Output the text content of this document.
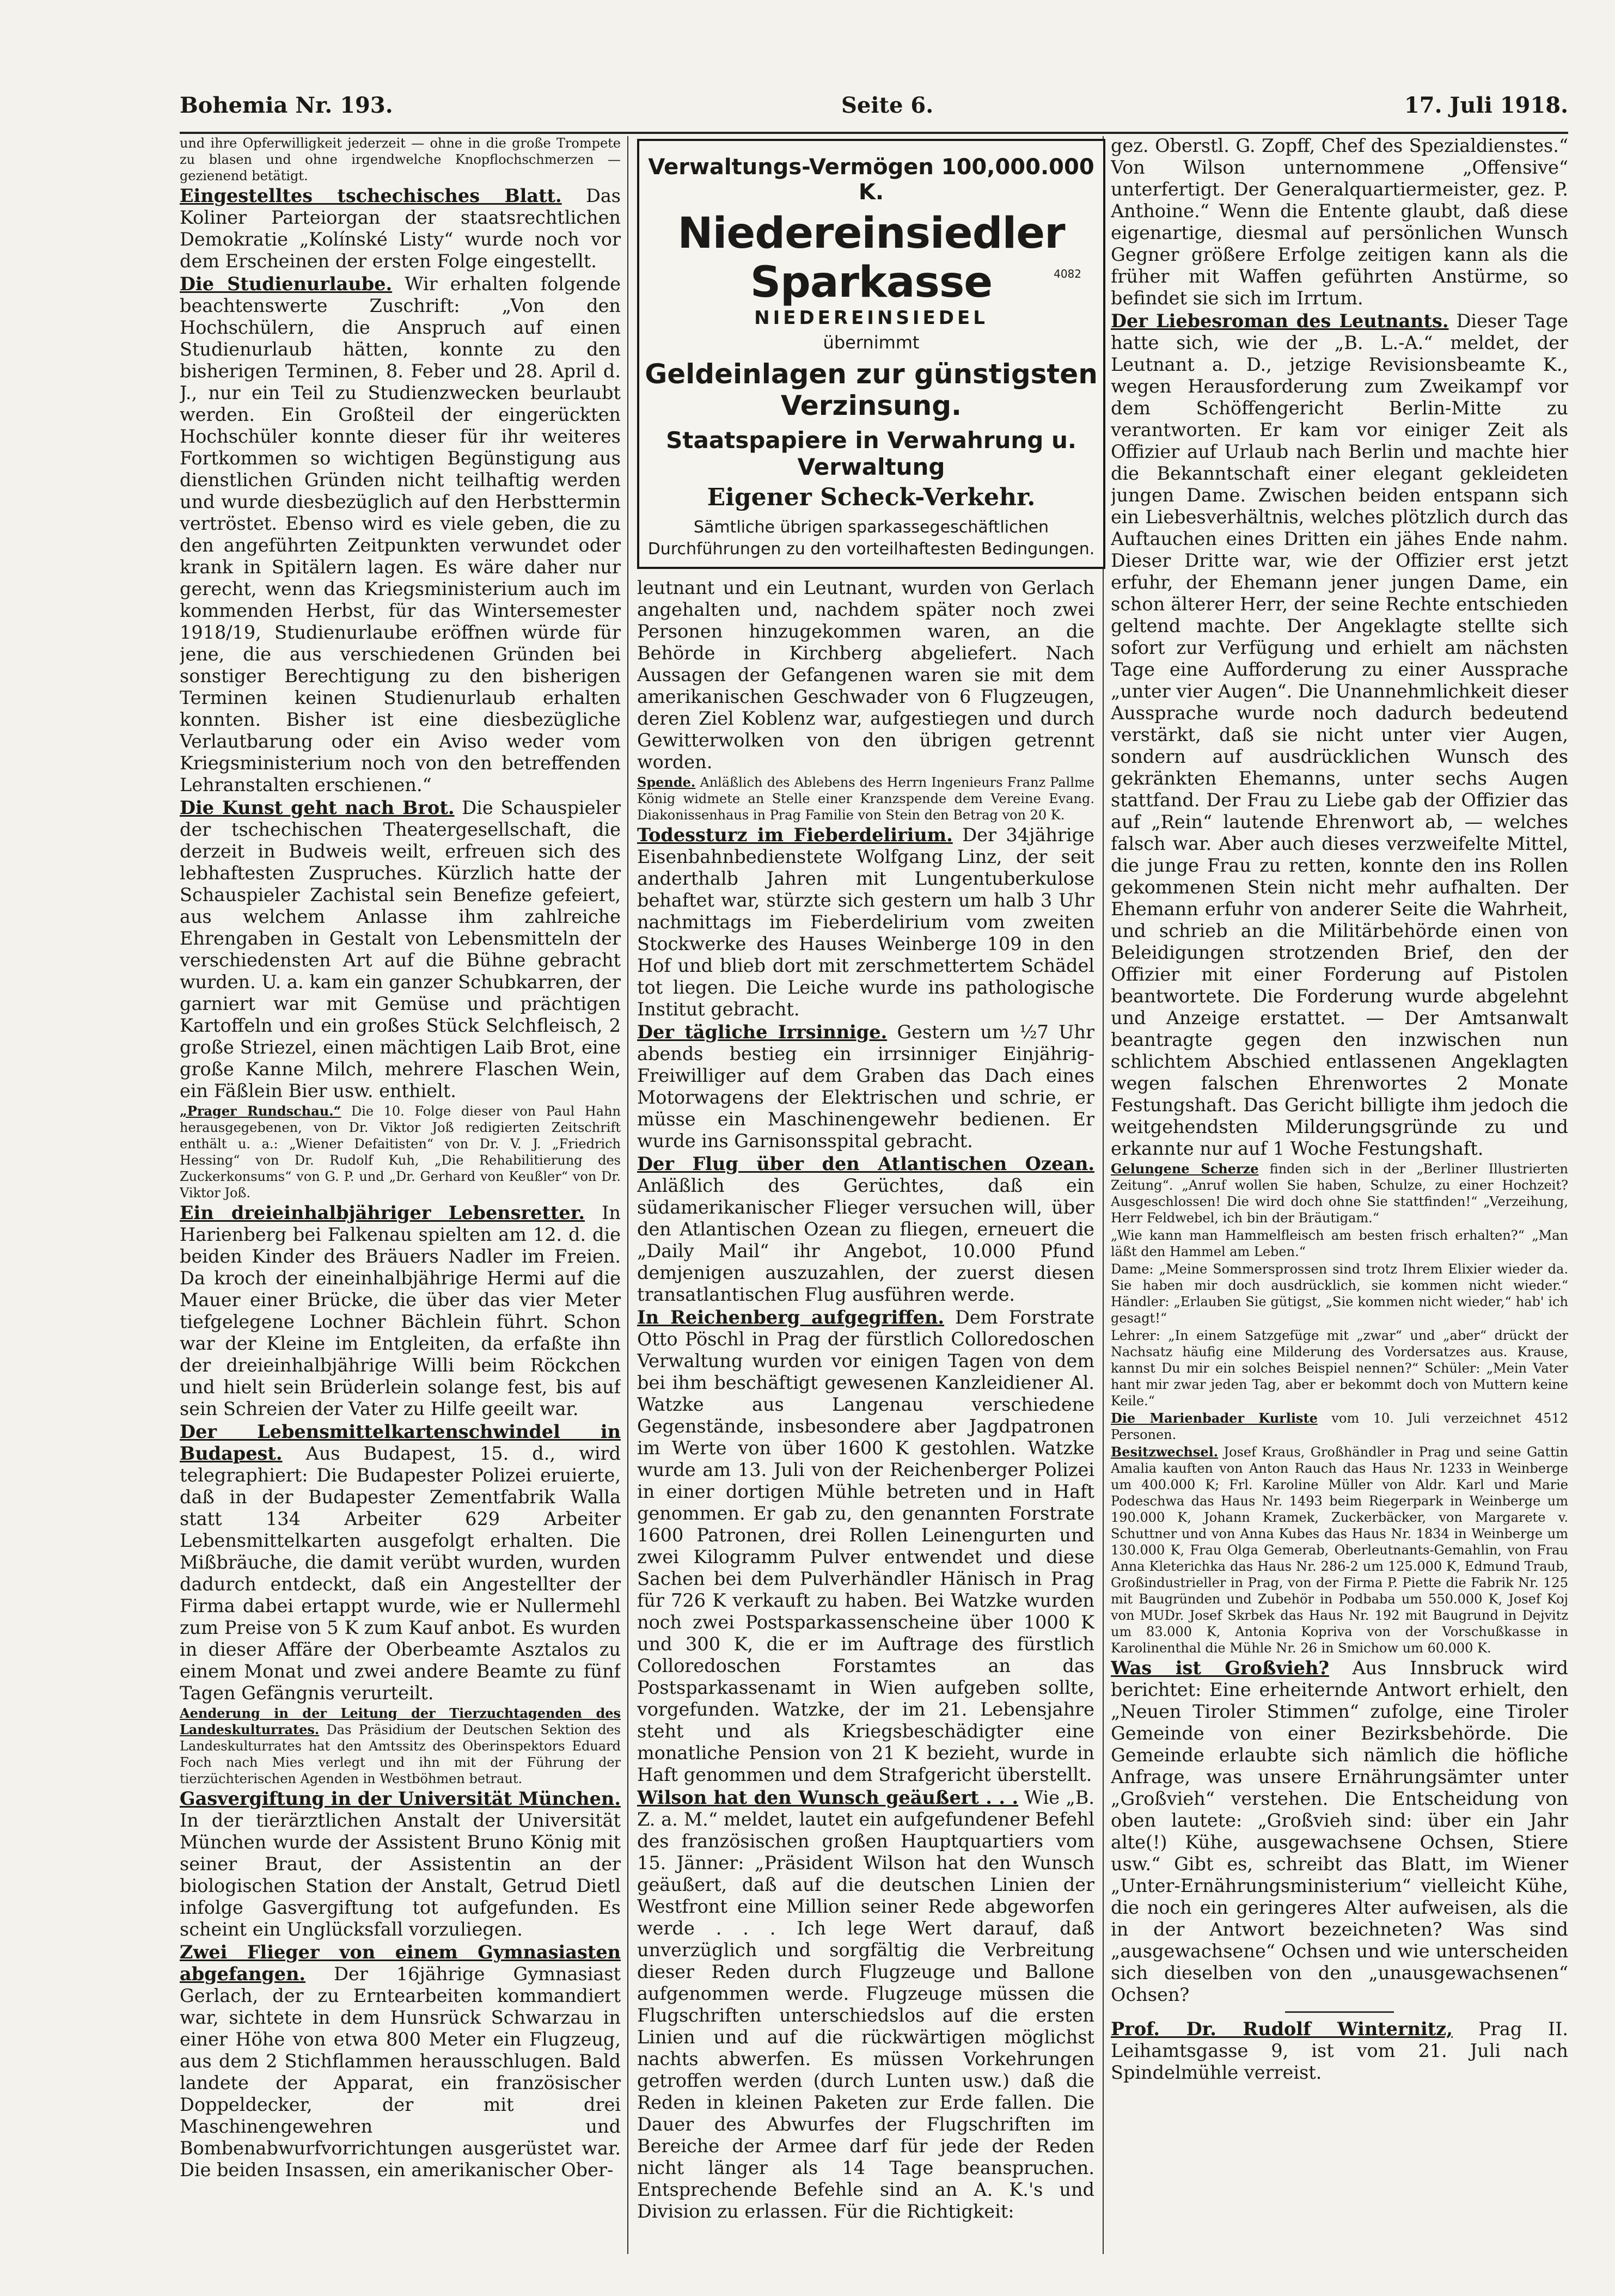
Bohemia Nr. 193.	Seite 6.	17. Juli 1918.
Verwaltungs-Vermögen 100,000.000 K.
Niedereinsiedler Sparkasse
NIEDEREINSIEDEL
4082
übernimmt
Geldeinlagen zur günstigsten Verzinsung.
Staatspapiere in Verwahrung u. Verwaltung
Eigener Scheck-Verkehr.
Sämtliche übrigen sparkassegeschäftlichen Durchführungen zu den vorteilhaftesten Bedingungen.

und ihre Opferwilligkeit jederzeit — ohne in die große Trompete zu blasen und ohne irgendwelche Knopflochschmerzen — gezienend betätigt.

Eingestelltes tschechisches Blatt. Das Koliner Parteiorgan der staatsrechtlichen Demokratie „Kolínské Listy“ wurde noch vor dem Erscheinen der ersten Folge eingestellt.

Die Studienurlaube. Wir erhalten folgende beachtenswerte Zuschrift: „Von den Hochschülern, die Anspruch auf einen Studienurlaub hätten, konnte zu den bisherigen Terminen, 8. Feber und 28. April d. J., nur ein Teil zu Studienzwecken beurlaubt werden. Ein Großteil der eingerückten Hochschüler konnte dieser für ihr weiteres Fortkommen so wichtigen Begünstigung aus dienstlichen Gründen nicht teilhaftig werden und wurde diesbezüglich auf den Herbsttermin vertröstet. Ebenso wird es viele geben, die zu den angeführten Zeitpunkten verwundet oder krank in Spitälern lagen. Es wäre daher nur gerecht, wenn das Kriegsministerium auch im kommenden Herbst, für das Wintersemester 1918/19, Studienurlaube eröffnen würde für jene, die aus verschiedenen Gründen bei sonstiger Berechtigung zu den bisherigen Terminen keinen Studienurlaub erhalten konnten. Bisher ist eine diesbezügliche Verlautbarung oder ein Aviso weder vom Kriegsministerium noch von den betreffenden Lehranstalten erschienen.“

Die Kunst geht nach Brot. Die Schauspieler der tschechischen Theatergesellschaft, die derzeit in Budweis weilt, erfreuen sich des lebhaftesten Zuspruches. Kürzlich hatte der Schauspieler Zachistal sein Benefize gefeiert, aus welchem Anlasse ihm zahlreiche Ehrengaben in Gestalt von Lebensmitteln der verschiedensten Art auf die Bühne gebracht wurden. U. a. kam ein ganzer Schubkarren, der garniert war mit Gemüse und prächtigen Kartoffeln und ein großes Stück Selchfleisch, 2 große Striezel, einen mächtigen Laib Brot, eine große Kanne Milch, mehrere Flaschen Wein, ein Fäßlein Bier usw. enthielt.

„Prager Rundschau.“ Die 10. Folge dieser von Paul Hahn herausgegebenen, von Dr. Viktor Joß redigierten Zeitschrift enthält u. a.: „Wiener Defaitisten“ von Dr. V. J. „Friedrich Hessing“ von Dr. Rudolf Kuh, „Die Rehabilitierung des Zuckerkonsums“ von G. P. und „Dr. Gerhard von Keußler“ von Dr. Viktor Joß.

Ein dreieinhalbjähriger Lebensretter. In Harienberg bei Falkenau spielten am 12. d. die beiden Kinder des Bräuers Nadler im Freien. Da kroch der eineinhalbjährige Hermi auf die Mauer einer Brücke, die über das vier Meter tiefgelegene Lochner Bächlein führt. Schon war der Kleine im Entgleiten, da erfaßte ihn der dreieinhalbjährige Willi beim Röckchen und hielt sein Brüderlein solange fest, bis auf sein Schreien der Vater zu Hilfe geeilt war.

Der Lebensmittelkartenschwindel in Budapest. Aus Budapest, 15. d., wird telegraphiert: Die Budapester Polizei eruierte, daß in der Budapester Zementfabrik Walla statt 134 Arbeiter 629 Arbeiter Lebensmittelkarten ausgefolgt erhalten. Die Mißbräuche, die damit verübt wurden, wurden dadurch entdeckt, daß ein Angestellter der Firma dabei ertappt wurde, wie er Nullermehl zum Preise von 5 K zum Kauf anbot. Es wurden in dieser Affäre der Oberbeamte Asztalos zu einem Monat und zwei andere Beamte zu fünf Tagen Gefängnis verurteilt.

Aenderung in der Leitung der Tierzuchtagenden des Landeskulturrates. Das Präsidium der Deutschen Sektion des Landeskulturrates hat den Amtssitz des Oberinspektors Eduard Foch nach Mies verlegt und ihn mit der Führung der tierzüchterischen Agenden in Westböhmen betraut.

Gasvergiftung in der Universität München. In der tierärztlichen Anstalt der Universität München wurde der Assistent Bruno König mit seiner Braut, der Assistentin an der biologischen Station der Anstalt, Getrud Dietl infolge Gasvergiftung tot aufgefunden. Es scheint ein Unglücksfall vorzuliegen.

Zwei Flieger von einem Gymnasiasten abgefangen. Der 16jährige Gymnasiast Gerlach, der zu Erntearbeiten kommandiert war, sichtete in dem Hunsrück Schwarzau in einer Höhe von etwa 800 Meter ein Flugzeug, aus dem 2 Stichflammen herausschlugen. Bald landete der Apparat, ein französischer Doppeldecker, der mit drei Maschinengewehren und Bombenabwurfvorrichtungen ausgerüstet war. Die beiden Insassen, ein amerikanischer Ober-

leutnant und ein Leutnant, wurden von Gerlach angehalten und, nachdem später noch zwei Personen hinzugekommen waren, an die Behörde in Kirchberg abgeliefert. Nach Aussagen der Gefangenen waren sie mit dem amerikanischen Geschwader von 6 Flugzeugen, deren Ziel Koblenz war, aufgestiegen und durch Gewitterwolken von den übrigen getrennt worden.

Spende. Anläßlich des Ablebens des Herrn Ingenieurs Franz Pallme König widmete an Stelle einer Kranzspende dem Vereine Evang. Diakonissenhaus in Prag Familie von Stein den Betrag von 20 K.

Todessturz im Fieberdelirium. Der 34jährige Eisenbahnbedienstete Wolfgang Linz, der seit anderthalb Jahren mit Lungentuberkulose behaftet war, stürzte sich gestern um halb 3 Uhr nachmittags im Fieberdelirium vom zweiten Stockwerke des Hauses Weinberge 109 in den Hof und blieb dort mit zerschmettertem Schädel tot liegen. Die Leiche wurde ins pathologische Institut gebracht.

Der tägliche Irrsinnige. Gestern um ½7 Uhr abends bestieg ein irrsinniger Einjährig-Freiwilliger auf dem Graben das Dach eines Motorwagens der Elektrischen und schrie, er müsse ein Maschinengewehr bedienen. Er wurde ins Garnisonsspital gebracht.

Der Flug über den Atlantischen Ozean. Anläßlich des Gerüchtes, daß ein südamerikanischer Flieger versuchen will, über den Atlantischen Ozean zu fliegen, erneuert die „Daily Mail“ ihr Angebot, 10.000 Pfund demjenigen auszuzahlen, der zuerst diesen transatlantischen Flug ausführen werde.

In Reichenberg aufgegriffen. Dem Forstrate Otto Pöschl in Prag der fürstlich Colloredoschen Verwaltung wurden vor einigen Tagen von dem bei ihm beschäftigt gewesenen Kanzleidiener Al. Watzke aus Langenau verschiedene Gegenstände, insbesondere aber Jagdpatronen im Werte von über 1600 K gestohlen. Watzke wurde am 13. Juli von der Reichenberger Polizei in einer dortigen Mühle betreten und in Haft genommen. Er gab zu, den genannten Forstrate 1600 Patronen, drei Rollen Leinengurten und zwei Kilogramm Pulver entwendet und diese Sachen bei dem Pulverhändler Hänisch in Prag für 726 K verkauft zu haben. Bei Watzke wurden noch zwei Postsparkassenscheine über 1000 K und 300 K, die er im Auftrage des fürstlich Colloredoschen Forstamtes an das Postsparkassenamt in Wien aufgeben sollte, vorgefunden. Watzke, der im 21. Lebensjahre steht und als Kriegsbeschädigter eine monatliche Pension von 21 K bezieht, wurde in Haft genommen und dem Strafgericht überstellt.

Wilson hat den Wunsch geäußert . . . Wie „B. Z. a. M.“ meldet, lautet ein aufgefundener Befehl des französischen großen Hauptquartiers vom 15. Jänner: „Präsident Wilson hat den Wunsch geäußert, daß auf die deutschen Linien der Westfront eine Million seiner Rede abgeworfen werde . . . Ich lege Wert darauf, daß unverzüglich und sorgfältig die Verbreitung dieser Reden durch Flugzeuge und Ballone aufgenommen werde. Flugzeuge müssen die Flugschriften unterschiedslos auf die ersten Linien und auf die rückwärtigen möglichst nachts abwerfen. Es müssen Vorkehrungen getroffen werden (durch Lunten usw.) daß die Reden in kleinen Paketen zur Erde fallen. Die Dauer des Abwurfes der Flugschriften im Bereiche der Armee darf für jede der Reden nicht länger als 14 Tage beanspruchen. Entsprechende Befehle sind an A. K.'s und Division zu erlassen. Für die Richtigkeit:

gez. Oberstl. G. Zopff, Chef des Spezialdienstes.“ Von Wilson unternommene „Offensive“ unterfertigt. Der Generalquartiermeister, gez. P. Anthoine.“ Wenn die Entente glaubt, daß diese eigenartige, diesmal auf persönlichen Wunsch Gegner größere Erfolge zeitigen kann als die früher mit Waffen geführten Anstürme, so befindet sie sich im Irrtum.

Der Liebesroman des Leutnants. Dieser Tage hatte sich, wie der „B. L.-A.“ meldet, der Leutnant a. D., jetzige Revisionsbeamte K., wegen Herausforderung zum Zweikampf vor dem Schöffengericht Berlin-Mitte zu verantworten. Er kam vor einiger Zeit als Offizier auf Urlaub nach Berlin und machte hier die Bekanntschaft einer elegant gekleideten jungen Dame. Zwischen beiden entspann sich ein Liebesverhältnis, welches plötzlich durch das Auftauchen eines Dritten ein jähes Ende nahm. Dieser Dritte war, wie der Offizier erst jetzt erfuhr, der Ehemann jener jungen Dame, ein schon älterer Herr, der seine Rechte entschieden geltend machte. Der Angeklagte stellte sich sofort zur Verfügung und erhielt am nächsten Tage eine Aufforderung zu einer Aussprache „unter vier Augen“. Die Unannehmlichkeit dieser Aussprache wurde noch dadurch bedeutend verstärkt, daß sie nicht unter vier Augen, sondern auf ausdrücklichen Wunsch des gekränkten Ehemanns, unter sechs Augen stattfand. Der Frau zu Liebe gab der Offizier das auf „Rein“ lautende Ehrenwort ab, — welches falsch war. Aber auch dieses verzweifelte Mittel, die junge Frau zu retten, konnte den ins Rollen gekommenen Stein nicht mehr aufhalten. Der Ehemann erfuhr von anderer Seite die Wahrheit, und schrieb an die Militärbehörde einen von Beleidigungen strotzenden Brief, den der Offizier mit einer Forderung auf Pistolen beantwortete. Die Forderung wurde abgelehnt und Anzeige erstattet. — Der Amtsanwalt beantragte gegen den inzwischen nun schlichtem Abschied entlassenen Angeklagten wegen falschen Ehrenwortes 2 Monate Festungshaft. Das Gericht billigte ihm jedoch die weitgehendsten Milderungsgründe zu und erkannte nur auf 1 Woche Festungshaft.

Gelungene Scherze finden sich in der „Berliner Illustrierten Zeitung“. „Anruf wollen Sie haben, Schulze, zu einer Hochzeit? Ausgeschlossen! Die wird doch ohne Sie stattfinden!“ „Verzeihung, Herr Feldwebel, ich bin der Bräutigam.“

„Wie kann man Hammelfleisch am besten frisch erhalten?“ „Man läßt den Hammel am Leben.“

Dame: „Meine Sommersprossen sind trotz Ihrem Elixier wieder da. Sie haben mir doch ausdrücklich, sie kommen nicht wieder.“ Händler: „Erlauben Sie gütigst, „Sie kommen nicht wieder,“ hab' ich gesagt!“

Lehrer: „In einem Satzgefüge mit „zwar“ und „aber“ drückt der Nachsatz häufig eine Milderung des Vordersatzes aus. Krause, kannst Du mir ein solches Beispiel nennen?“ Schüler: „Mein Vater hant mir zwar jeden Tag, aber er bekommt doch von Muttern keine Keile.“

Die Marienbader Kurliste vom 10. Juli verzeichnet 4512 Personen.

Besitzwechsel. Josef Kraus, Großhändler in Prag und seine Gattin Amalia kauften von Anton Rauch das Haus Nr. 1233 in Weinberge um 400.000 K; Frl. Karoline Müller von Aldr. Karl und Marie Podeschwa das Haus Nr. 1493 beim Riegerpark in Weinberge um 190.000 K, Johann Kramek, Zuckerbäcker, von Margarete v. Schuttner und von Anna Kubes das Haus Nr. 1834 in Weinberge um 130.000 K, Frau Olga Gemerab, Oberleutnants-Gemahlin, von Frau Anna Kleterichka das Haus Nr. 286-2 um 125.000 K, Edmund Traub, Großindustrieller in Prag, von der Firma P. Piette die Fabrik Nr. 125 mit Baugründen und Zubehör in Podbaba um 550.000 K, Josef Koj von MUDr. Josef Skrbek das Haus Nr. 192 mit Baugrund in Dejvitz um 83.000 K, Antonia Kopriva von der Vorschußkasse in Karolinenthal die Mühle Nr. 26 in Smichow um 60.000 K.

Was ist Großvieh? Aus Innsbruck wird berichtet: Eine erheiternde Antwort erhielt, den „Neuen Tiroler Stimmen“ zufolge, eine Tiroler Gemeinde von einer Bezirksbehörde. Die Gemeinde erlaubte sich nämlich die höfliche Anfrage, was unsere Ernährungsämter unter „Großvieh“ verstehen. Die Entscheidung von oben lautete: „Großvieh sind: über ein Jahr alte(!) Kühe, ausgewachsene Ochsen, Stiere usw.“ Gibt es, schreibt das Blatt, im Wiener „Unter-Ernährungsministerium“ vielleicht Kühe, die noch ein geringeres Alter aufweisen, als die in der Antwort bezeichneten? Was sind „ausgewachsene“ Ochsen und wie unterscheiden sich dieselben von den „unausgewachsenen“ Ochsen?

Prof. Dr. Rudolf Winternitz, Prag II. Leihamtsgasse 9, ist vom 21. Juli nach Spindelmühle verreist.
